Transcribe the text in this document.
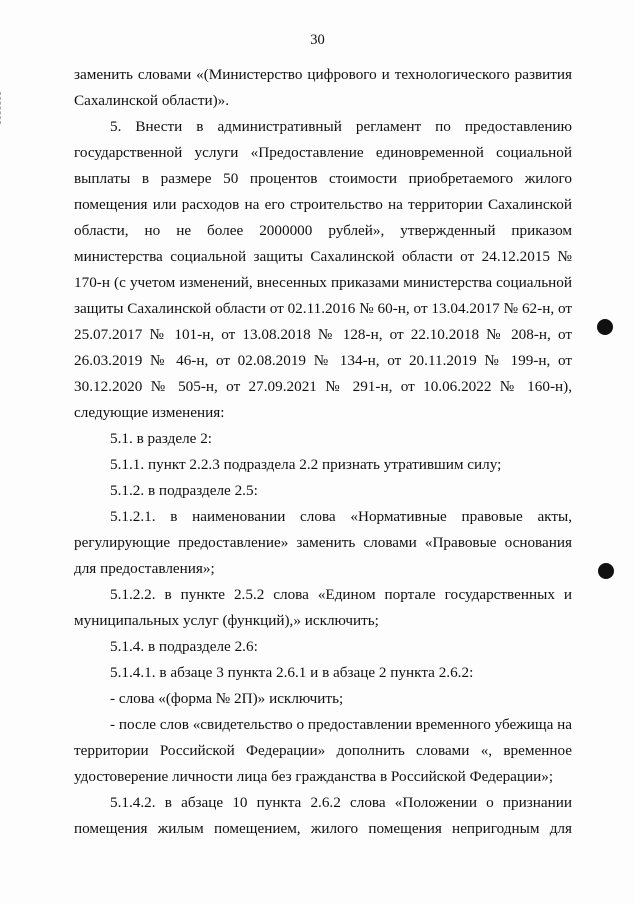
30

заменить словами «(Министерство цифрового и технологического развития Сахалинской области)».

5. Внести в административный регламент по предоставлению государственной услуги «Предоставление единовременной социальной выплаты в размере 50 процентов стоимости приобретаемого жилого помещения или расходов на его строительство на территории Сахалинской области, но не более 2000000 рублей», утвержденный приказом министерства социальной защиты Сахалинской области от 24.12.2015 № 170-н (с учетом изменений, внесенных приказами министерства социальной защиты Сахалинской области от 02.11.2016 № 60-н, от 13.04.2017 № 62-н, от 25.07.2017 № 101-н, от 13.08.2018 № 128-н, от 22.10.2018 № 208-н, от 26.03.2019 № 46-н, от 02.08.2019 № 134-н, от 20.11.2019 № 199-н, от 30.12.2020 № 505-н, от 27.09.2021 № 291-н, от 10.06.2022 № 160-н), следующие изменения:

5.1. в разделе 2:

5.1.1. пункт 2.2.3 подраздела 2.2 признать утратившим силу;

5.1.2. в подразделе 2.5:

5.1.2.1. в наименовании слова «Нормативные правовые акты, регулирующие предоставление» заменить словами «Правовые основания для предоставления»;

5.1.2.2. в пункте 2.5.2 слова «Едином портале государственных и муниципальных услуг (функций),» исключить;

5.1.4. в подразделе 2.6:

5.1.4.1. в абзаце 3 пункта 2.6.1 и в абзаце 2 пункта 2.6.2:

- слова «(форма № 2П)» исключить;

- после слов «свидетельство о предоставлении временного убежища на территории Российской Федерации» дополнить словами «, временное удостоверение личности лица без гражданства в Российской Федерации»;

5.1.4.2. в абзаце 10 пункта 2.6.2 слова «Положении о признании помещения жилым помещением, жилого помещения непригодным для
